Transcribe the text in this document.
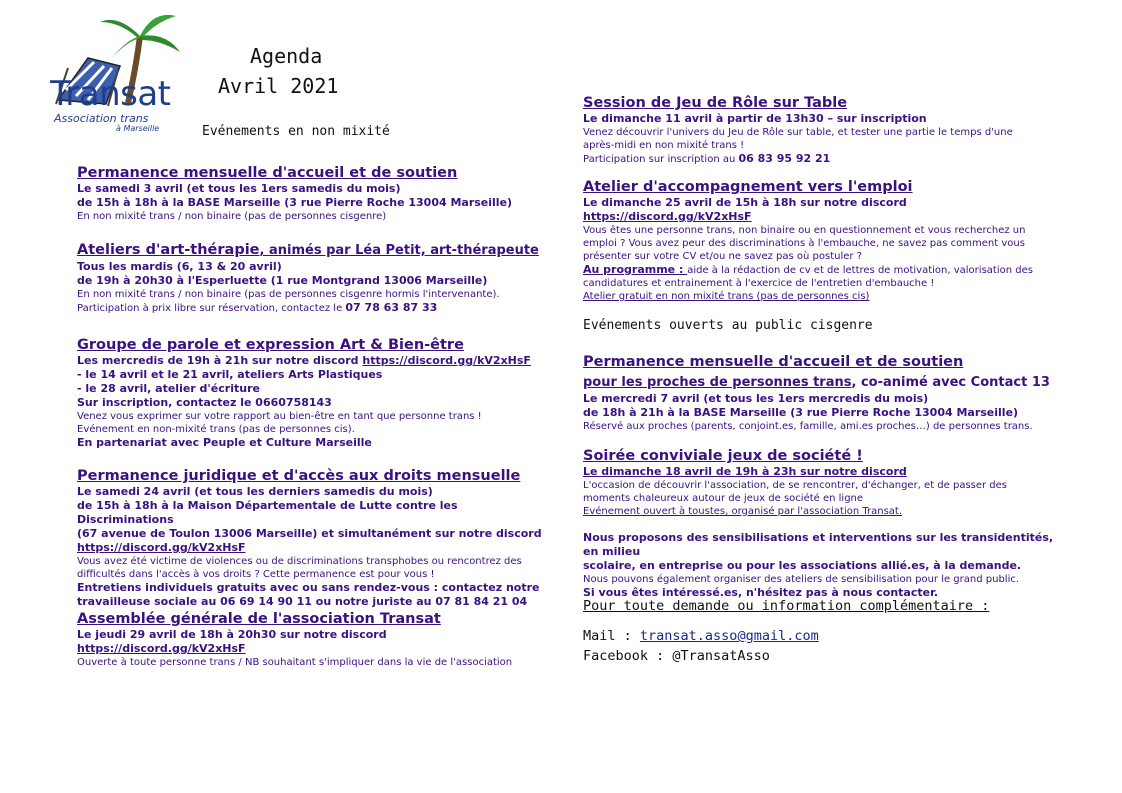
Transat
Association trans
à Marseille
Agenda
Avril 2021
Evénements en non mixité
Evénements ouverts au public cisgenre
Nous proposons des sensibilisations et interventions sur les transidentités, en milieu
scolaire, en entreprise ou pour les associations allié.es, à la demande.
Nous pouvons également organiser des ateliers de sensibilisation pour le grand public.
Si vous êtes intéressé.es, n'hésitez pas à nous contacter.
Pour toute demande ou information complémentaire :
Mail : transat.asso@gmail.com
Facebook : @TransatAsso
Permanence mensuelle d'accueil et de soutien
Le samedi 3 avril (et tous les 1ers samedis du mois)
de 15h à 18h à la BASE Marseille (3 rue Pierre Roche 13004 Marseille)
En non mixité trans / non binaire (pas de personnes cisgenre)
Ateliers d'art-thérapie, animés par Léa Petit, art-thérapeute
Tous les mardis (6, 13 & 20 avril)
de 19h à 20h30 à l'Esperluette (1 rue Montgrand 13006 Marseille)
En non mixité trans / non binaire (pas de personnes cisgenre hormis l'intervenante).
Participation à prix libre sur réservation, contactez le 07 78 63 87 33
Groupe de parole et expression Art & Bien-être
Les mercredis de 19h à 21h sur notre discord https://discord.gg/kV2xHsF
- le 14 avril et le 21 avril, ateliers Arts Plastiques
- le 28 avril, atelier d'écriture
Sur inscription, contactez le 0660758143
Venez vous exprimer sur votre rapport au bien-être en tant que personne trans !
Evénement en non-mixité trans (pas de personnes cis).
En partenariat avec Peuple et Culture Marseille
Permanence juridique et d'accès aux droits mensuelle
Le samedi 24 avril (et tous les derniers samedis du mois)
de 15h à 18h à la Maison Départementale de Lutte contre les Discriminations
(67 avenue de Toulon 13006 Marseille) et simultanément sur notre discord
https://discord.gg/kV2xHsF
Vous avez été victime de violences ou de discriminations transphobes ou rencontrez des
difficultés dans l'accès à vos droits ? Cette permanence est pour vous !
Entretiens individuels gratuits avec ou sans rendez-vous : contactez notre
travailleuse sociale au 06 69 14 90 11 ou notre juriste au 07 81 84 21 04
Assemblée générale de l'association Transat
Le jeudi 29 avril de 18h à 20h30 sur notre discord https://discord.gg/kV2xHsF
Ouverte à toute personne trans / NB souhaitant s'impliquer dans la vie de l'association
Session de Jeu de Rôle sur Table
Le dimanche 11 avril à partir de 13h30 – sur inscription
Venez découvrir l'univers du Jeu de Rôle sur table, et tester une partie le temps d'une
après-midi en non mixité trans !
Participation sur inscription au 06 83 95 92 21
Atelier d'accompagnement vers l'emploi
Le dimanche 25 avril de 15h à 18h sur notre discord https://discord.gg/kV2xHsF
Vous êtes une personne trans, non binaire ou en questionnement et vous recherchez un
emploi ? Vous avez peur des discriminations à l'embauche, ne savez pas comment vous
présenter sur votre CV et/ou ne savez pas où postuler ?
Au programme : aide à la rédaction de cv et de lettres de motivation, valorisation des
candidatures et entrainement à l'exercice de l'entretien d'embauche !
Atelier gratuit en non mixité trans (pas de personnes cis)
Permanence mensuelle d'accueil et de soutien
pour les proches de personnes trans, co-animé avec Contact 13
Le mercredi 7 avril (et tous les 1ers mercredis du mois)
de 18h à 21h à la BASE Marseille (3 rue Pierre Roche 13004 Marseille)
Réservé aux proches (parents, conjoint.es, famille, ami.es proches…) de personnes trans.
Soirée conviviale jeux de société !
Le dimanche 18 avril de 19h à 23h sur notre discord
L'occasion de découvrir l'association, de se rencontrer, d'échanger, et de passer des
moments chaleureux autour de jeux de société en ligne
Evénement ouvert à toustes, organisé par l'association Transat.
